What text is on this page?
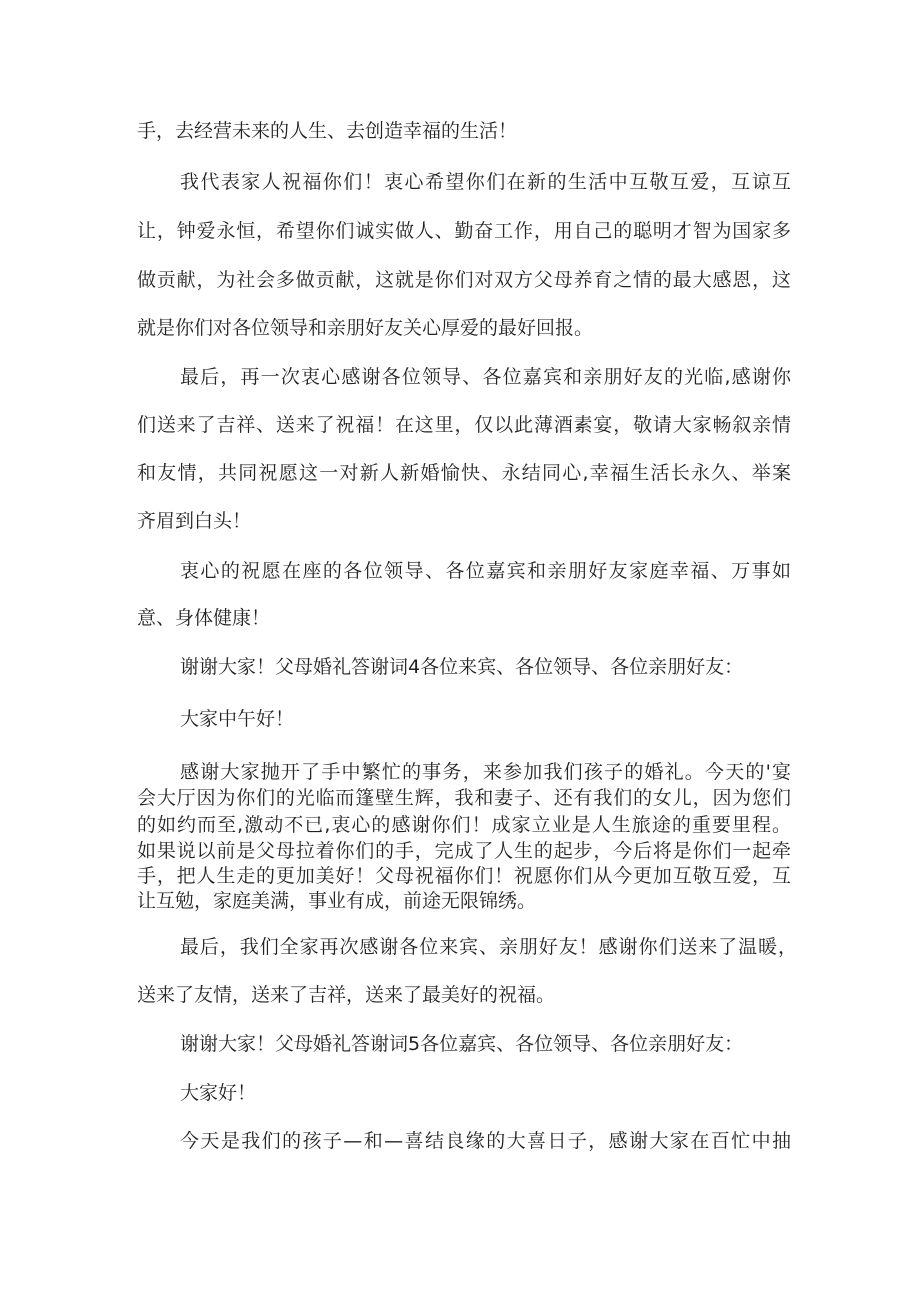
手，去经营未来的人生、去创造幸福的生活！
我代表家人祝福你们！衷心希望你们在新的生活中互敬互爱，互谅互
让，钟爱永恒，希望你们诚实做人、勤奋工作，用自己的聪明才智为国家多
做贡献，为社会多做贡献，这就是你们对双方父母养育之情的最大感恩，这
就是你们对各位领导和亲朋好友关心厚爱的最好回报。
最后，再一次衷心感谢各位领导、各位嘉宾和亲朋好友的光临,感谢你
们送来了吉祥、送来了祝福！在这里，仅以此薄酒素宴，敬请大家畅叙亲情
和友情，共同祝愿这一对新人新婚愉快、永结同心,幸福生活长永久、举案
齐眉到白头！
衷心的祝愿在座的各位领导、各位嘉宾和亲朋好友家庭幸福、万事如
意、身体健康！
谢谢大家！父母婚礼答谢词4各位来宾、各位领导、各位亲朋好友：
大家中午好！
感谢大家抛开了手中繁忙的事务，来参加我们孩子的婚礼。今天的'宴
会大厅因为你们的光临而篷壁生辉，我和妻子、还有我们的女儿，因为您们
的如约而至,激动不已,衷心的感谢你们！成家立业是人生旅途的重要里程。
如果说以前是父母拉着你们的手，完成了人生的起步，今后将是你们一起牵
手，把人生走的更加美好！父母祝福你们！祝愿你们从今更加互敬互爱，互
让互勉，家庭美满，事业有成，前途无限锦绣。
最后，我们全家再次感谢各位来宾、亲朋好友！感谢你们送来了温暖，
送来了友情，送来了吉祥，送来了最美好的祝福。
谢谢大家！父母婚礼答谢词5各位嘉宾、各位领导、各位亲朋好友：
大家好！
今天是我们的孩子—和—喜结良缘的大喜日子，感谢大家在百忙中抽
